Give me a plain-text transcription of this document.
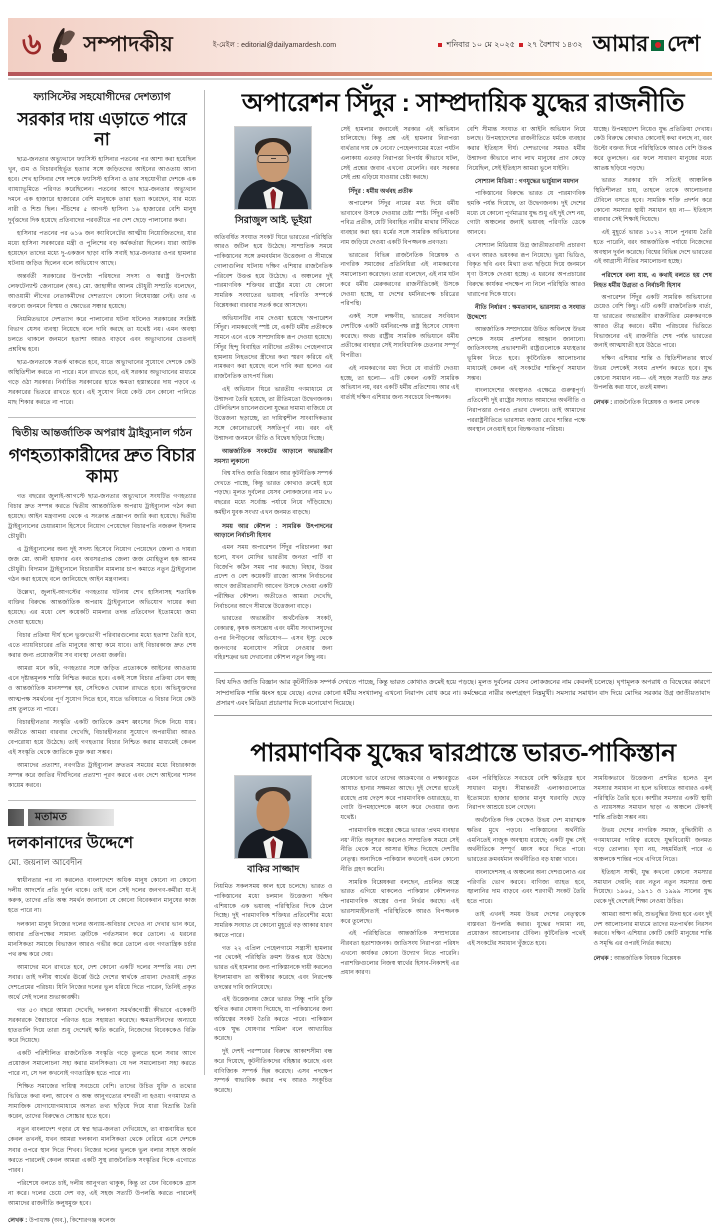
৬ সম্পাদকীয়	ই-মেইল : editorial@dailyamardesh.com	শনিবার ১০ মে ২০২৫ ২৭ বৈশাখ ১৪৩২ আমার দেশ
ফ্যাসিস্টের সহযোগীদের দেশত্যাগ
সরকার দায় এড়াতে পারে না

ছাত্র-জনতার অভ্যুত্থানে ফ্যাসিস্ট হাসিনার পতনের পর আশা করা হয়েছিল খুন, গুম ও বিচারবহির্ভূত হত্যার সঙ্গে জড়িতদের আইনের আওতায় আনা হবে। শেখ হাসিনার শেষ দশকে ফ্যাসিস্ট হাসিনা ও তার সহযোগীরা দেশকে এক ব্যাধ্যাভূমিতে পরিণত করেছিলেন। পতনের আগে ছাত্র-জনতার অভ্যুত্থান দমনে এক হাজারে হাজারের বেশি মানুষকে তারা হত্যা করেছেন, যার মধ্যে নারী ও শিশু ছিল। পঁচিশের ৫ আগস্ট হাসিনা ১৬ হাজারের বেশি মানুষ দুর্বৃত্তদের দিক হয়েছে প্রতিবাদের পরবর্তীতে পর দেশ ছেড়ে পালানোর কথা।

হাসিনার পতনের পর ৬১৬ জন ক্যাবিনেটের আত্মীয় নিয়োজিতদের, যার মধ্যে হাসিনা সরকারের মন্ত্রী ও পুলিশের বড় কর্মকর্তারা ছিলেন। যারা আটক হয়েছেন তাদের মধ্যে দু-একজন ছাড়া বাকি সবাই ছাত্র-জনতার ওপর হামলার ঘটনায় জড়িত ছিলেন বলে অভিযোগ আছে।

অন্তর্বর্তী সরকারের উপদেষ্টা পরিষদের সদস্য ও স্বরাষ্ট্র উপদেষ্টা লেফটেন্যান্ট জেনারেল (অব.) মো. জাহাঙ্গীর আলম চৌধুরী সম্প্রতি বলেছেন, আওয়ামী লীগের নেতাকর্মীদের দেশত্যাগে কোনো নিষেধাজ্ঞা নেই। তার এ বক্তব্যে জনমনে বিস্ময় ও ক্ষোভের সঞ্চার হয়েছে।

নিয়মিতভাবে দেশত্যাগ করে পালানোর ঘটনা ঘটলেও সরকারের সংশ্লিষ্ট বিভাগ যেসব ব্যবস্থা নিয়েছে বলে দাবি করছে তা যথেষ্ট নয়। এমন অবস্থা চলতে থাকলে জনমনে হতাশা আরও বাড়বে এবং অভ্যুত্থানের চেতনাই প্রশ্নবিদ্ধ হবে।

ছাত্র-জনতাকে সতর্ক থাকতে হবে, যাতে অভ্যুত্থানের সুযোগে দেশকে কেউ অস্থিতিশীল করতে না পারে। মনে রাখতে হবে, এই সরকার অভ্যুত্থানের মাধ্যমে গড়ে ওঠা সরকার। নির্বাচিত সরকারের হাতে ক্ষমতা হস্তান্তরের দায় পড়বে এ সরকারের ভিতরে রাখতে হবে। এই সুযোগ নিয়ে কেউ যেন কোনো পানিতে মাছ শিকার করতে না পারে।

দ্বিতীয় আন্তর্জাতিক অপরাধ ট্রাইব্যুনাল গঠন
গণহত্যাকারীদের দ্রুত বিচার কাম্য

গত বছরের জুলাই-আগস্টে ছাত্র-জনতার অভ্যুত্থানে সংঘটিত গণহত্যার বিচার দ্রুত সম্পন্ন করতে দ্বিতীয় আন্তর্জাতিক অপরাধ ট্রাইব্যুনাল গঠন করা হয়েছে। আইন মন্ত্রণালয় থেকে এ সংক্রান্ত প্রজ্ঞাপন জারি করা হয়েছে। দ্বিতীয় ট্রাইব্যুনালের চেয়ারম্যান হিসেবে নিয়োগ পেয়েছেন বিচারপতি নজরুল ইসলাম চৌধুরী।

এ ট্রাইব্যুনালের অন্য দুই সদস্য হিসেবে নিয়োগ পেয়েছেন জেলা ও দায়রা জজ মো. আলী হায়দার এবং অবসরপ্রাপ্ত জেলা জজ মোহিতুল হক আনম চৌধুরী। বিদ্যমান ট্রাইব্যুনালে বিচারাধীন মামলার চাপ কমাতে নতুন ট্রাইব্যুনাল গঠন করা হয়েছে বলে জানিয়েছে আইন মন্ত্রণালয়।

উল্লেখ্য, জুলাই-আগস্টের গণহত্যার ঘটনায় শেখ হাসিনাসহ শতাধিক ব্যক্তির বিরুদ্ধে আন্তর্জাতিক অপরাধ ট্রাইব্যুনালে অভিযোগ দায়ের করা হয়েছে। এর মধ্যে বেশ কয়েকটি মামলার তদন্ত প্রতিবেদন ইতোমধ্যে জমা দেওয়া হয়েছে।

বিচার প্রক্রিয়া দীর্ঘ হলে ভুক্তভোগী পরিবারগুলোর মধ্যে হতাশা তৈরি হবে, এতে ন্যায়বিচারের প্রতি মানুষের আস্থা কমে যাবে। তাই বিচারকাজ দ্রুত শেষ করার জন্য প্রয়োজনীয় সব ব্যবস্থা নেওয়া জরুরি।

আমরা মনে করি, গণহত্যার সঙ্গে জড়িত প্রত্যেককে আইনের আওতায় এনে দৃষ্টান্তমূলক শাস্তি নিশ্চিত করতে হবে। একই সঙ্গে বিচার প্রক্রিয়া যেন স্বচ্ছ ও আন্তর্জাতিক মানসম্পন্ন হয়, সেদিকেও খেয়াল রাখতে হবে। অভিযুক্তদের আত্মপক্ষ সমর্থনের পূর্ণ সুযোগ দিতে হবে, যাতে ভবিষ্যতে এ বিচার নিয়ে কেউ প্রশ্ন তুলতে না পারে।

বিচারহীনতার সংস্কৃতি একটি জাতিকে ক্রমশ ধ্বংসের দিকে নিয়ে যায়। অতীতে আমরা বারবার দেখেছি, বিচারহীনতার সুযোগে অপরাধীরা আরও বেপরোয়া হয়ে উঠেছে। তাই গণহত্যার বিচার নিশ্চিত করার মাধ্যমেই কেবল এই সংস্কৃতি থেকে জাতিকে মুক্ত করা সম্ভব।

আমাদের প্রত্যাশা, নবগঠিত ট্রাইব্যুনাল দ্রুততম সময়ের মধ্যে বিচারকাজ সম্পন্ন করে জাতির দীর্ঘদিনের প্রত্যাশা পূরণ করবে এবং দেশে আইনের শাসন কায়েম করবে।

মতামত
দলকানাদের উদ্দেশে
মো. জয়নাল আবেদীন

স্বাধীনতার পর না করলেও বাংলাদেশে অধিক মানুষ কোনো না কোনো দলীয় আদর্শের প্রতি দুর্বল থাকে। তাই বলে সেই দলের জনগণ-কর্মীরা যা-ই করুক, তাদের প্রতি অন্ধ সমর্থন জানানো যে কোনো বিবেকবান মানুষের কাজ হতে পারে না।

দলকানা মানুষ নিজের দলের অন্যায়-অবিচার দেখেও না দেখার ভান করে, আবার প্রতিপক্ষের সামান্য ত্রুটিকে পর্বতসমান করে তোলে। এ ধরনের মানসিকতা সমাজে বিভাজন আরও গভীর করে তোলে এবং গণতান্ত্রিক চর্চার পথ রুদ্ধ করে দেয়।

আমাদের মনে রাখতে হবে, দেশ কোনো একটি দলের সম্পত্তি নয়। দেশ সবার। তাই দলীয় স্বার্থের ঊর্ধ্বে উঠে দেশের স্বার্থকে প্রাধান্য দেওয়াই প্রকৃত দেশপ্রেমের পরিচয়। যিনি নিজের দলের ভুল ধরিয়ে দিতে পারেন, তিনিই প্রকৃত অর্থে সেই দলের শুভাকাঙ্ক্ষী।

গত ৫৩ বছরে আমরা দেখেছি, দলকানা সমর্থকগোষ্ঠী কীভাবে একেকটি সরকারকে স্বৈরাচারে পরিণত হতে সহায়তা করেছে। ক্ষমতাসীনদের অন্যায়ে হাততালি দিয়ে তারা শুধু দেশেরই ক্ষতি করেনি, নিজেদের বিবেককেও বিক্রি করে দিয়েছে।

একটি পরিশীলিত রাজনৈতিক সংস্কৃতি গড়ে তুলতে হলে সবার আগে প্রয়োজন সমালোচনা সহ্য করার মানসিকতা। যে দল সমালোচনা সহ্য করতে পারে না, সে দল কখনোই গণতান্ত্রিক হতে পারে না।

শিক্ষিত সমাজের দায়িত্ব সবচেয়ে বেশি। তাদের উচিত যুক্তি ও তথ্যের ভিত্তিতে কথা বলা, আবেগ ও অন্ধ আনুগত্যের বশবর্তী না হওয়া। গণমাধ্যম ও সামাজিক যোগাযোগমাধ্যমে অসত্য তথ্য ছড়িয়ে দিয়ে যারা বিভ্রান্তি তৈরি করেন, তাদের বিরুদ্ধেও সোচ্চার হতে হবে।

নতুন বাংলাদেশ গড়ার যে স্বপ্ন ছাত্র-জনতা দেখিয়েছে, তা বাস্তবায়িত হবে কেবল তখনই, যখন আমরা দলকানা মানসিকতা থেকে বেরিয়ে এসে দেশকে সবার ওপরে স্থান দিতে শিখব। নিজের দলের ভুলকে ভুল বলার সাহস অর্জন করতে পারলেই কেবল আমরা একটি সুস্থ রাজনৈতিক সংস্কৃতির দিকে এগোতে পারব।

পরিশেষে বলতে চাই, দলীয় আনুগত্য থাকুক, কিন্তু তা যেন বিবেককে গ্রাস না করে। দলের চেয়ে দেশ বড়, এই সহজ সত্যটি উপলব্ধি করতে পারলেই আমাদের রাজনীতি কলুষমুক্ত হবে।

লেখক : উপাধ্যক্ষ (অব.), কিশোরগঞ্জ কলেজ
অপারেশন সিঁদুর : সাম্প্রদায়িক যুদ্ধের রাজনীতি
সিরাজুল আই. ভূইয়া

অতিবর্ষিত সংঘাত সংকট ঘিরে ভারতের পরিস্থিতি আরও জটিল হয়ে উঠেছে। সাম্প্রতিক সময়ে পাকিস্তানের সঙ্গে ক্রমবর্ধমান উত্তেজনা ও সীমান্তে গোলাগুলির ঘটনায় দক্ষিণ এশিয়ার রাজনৈতিক পরিবেশ উত্তপ্ত হয়ে উঠেছে। এ অঞ্চলের দুই পারমাণবিক শক্তিধর রাষ্ট্রের মধ্যে যে কোনো সামরিক সংঘাতের ভয়াবহ পরিণতি সম্পর্কে বিশ্লেষকরা বারবার সতর্ক করে আসছেন।

অভিযানটির নাম দেওয়া হয়েছে 'অপারেশন সিঁদুর'। নামকরণেই স্পষ্ট যে, একটি ধর্মীয় প্রতীককে সামনে এনে একে সাম্প্রদায়িক রূপ দেওয়া হয়েছে। সিঁদুর হিন্দু বিবাহিত নারীদের প্রতীক। পেহেলগামে হামলায় নিহতদের স্ত্রীদের কথা স্মরণ করিয়ে এই নামকরণ করা হয়েছে বলে দাবি করা হলেও এর রাজনৈতিক তাৎপর্য ভিন্ন।

এই অভিযান ঘিরে ভারতীয় গণমাধ্যমে যে উন্মাদনা তৈরি হয়েছে, তা রীতিমতো উদ্বেগজনক। টেলিভিশন চ্যানেলগুলো যুদ্ধের দামামা বাজিয়ে যে উত্তেজনা ছড়াচ্ছে, তা দায়িত্বশীল সাংবাদিকতার সঙ্গে কোনোভাবেই সঙ্গতিপূর্ণ নয়। বরং এই উন্মাদনা জনমনে ভীতি ও বিদ্বেষ ছড়িয়ে দিচ্ছে।

আন্তর্জাতিক সংকটের আড়ালে অভ্যন্তরীণ সমস্যা লুকানো

বিশ্ব যদিও জাতি বিজ্ঞান আর কূটনীতিক সম্পর্ক দেখতে পাচ্ছে, কিন্তু ভারত কোথাও ক্রমেই হয়ে পড়ছে। মূলত দুর্বলের যেসব লোকজনের নাম ৮০ বছরের মধ্যে সর্বোচ্চ পর্যায়ে নিয়ে দাঁড়িয়েছে। কর্মহীন যুবক সংখ্যা এখন জনমত বাড়ছে।

সময় আর কৌশল : সামরিক উৎপাদনের আড়ালে নির্বাচনী হিসাব

এমন সময় অপারেশন সিঁদুর পরিচালনা করা হলো, যখন মোদির ভারতীয় জনতা পার্টি বা বিজেপি কঠিন সময় পার করছে। বিহার, উত্তর প্রদেশ ও বেশ কয়েকটি রাজ্যে আসন্ন নির্বাচনের আগে জাতীয়তাবাদী আবেগ উসকে দেওয়া একটি পরীক্ষিত কৌশল। অতীতেও আমরা দেখেছি, নির্বাচনের আগে সীমান্তে উত্তেজনা বাড়ে।

ভারতের অভ্যন্তরীণ অর্থনৈতিক সংকট, বেকারত্ব, কৃষক অসন্তোষ এবং ধর্মীয় সংখ্যালঘুদের ওপর নিপীড়নের অভিযোগ— এসব ইস্যু থেকে জনগণের মনোযোগ সরিয়ে নেওয়ার জন্য বহিঃশত্রুর ভয় দেখানোর কৌশল নতুন কিছু নয়।

সেই হামলার জবাবেই সরকার এই অভিযান চালিয়েছে। কিন্তু প্রশ্ন এই হামলার নিরাপত্তা ব্যর্থতার দায় কে নেবে? পেহেলগামের মতো পর্যটন এলাকায় এতবড় নিরাপত্তা বিপর্যয় কীভাবে ঘটল, সেই প্রশ্নের জবাব এখনো মেলেনি। বরং সরকার সেই প্রশ্ন এড়িয়ে যাওয়ার চেষ্টা করছে।

সিঁদুর : ধর্মীয় অর্থবহ প্রতীক

অপারেশন সিঁদুর নামের মধ্য দিয়ে ধর্মীয় ভাবাবেগ উসকে দেওয়ার চেষ্টা স্পষ্ট। সিঁদুর একটি পবিত্র প্রতীক, যেটি বিবাহিত নারীর মাথার সিঁথিতে ব্যবহার করা হয়। ধর্মের সঙ্গে সামরিক অভিযানের নাম জড়িয়ে দেওয়া একটি বিপজ্জনক প্রবণতা।

ভারতের বিভিন্ন রাজনৈতিক বিশ্লেষক ও নাগরিক সমাজের প্রতিনিধিরা এই নামকরণের সমালোচনা করেছেন। তারা বলেছেন, এই নাম ঘটন করে ধর্মীয় মেরুকরণের রাজনীতিকেই উসকে দেওয়া হচ্ছে, যা দেশের ধর্মনিরপেক্ষ চরিত্রের পরিপন্থি।

একই সঙ্গে লক্ষণীয়, ভারতের সংবিধান দেশটিকে একটি ধর্মনিরপেক্ষ রাষ্ট্র হিসেবে ঘোষণা করেছে। অথচ রাষ্ট্রীয় সামরিক অভিযানে ধর্মীয় প্রতীকের ব্যবহার সেই সাংবিধানিক চেতনার সম্পূর্ণ বিপরীত।

এই নামকরণের মধ্য দিয়ে যে বার্তাটি দেওয়া হচ্ছে, তা হলো— এটি কেবল একটি সামরিক অভিযান নয়, বরং একটি ধর্মীয় প্রতিশোধ। আর এই বার্তাই দক্ষিণ এশিয়ার জন্য সবচেয়ে বিপজ্জনক।

বেশি সীমান্ত সংঘাত বা আইনি অভিযান নিয়ে চলছে। উপমহাদেশের রাজনীতিতে ধর্মকে ব্যবহার করার ইতিহাস দীর্ঘ। দেশভাগের সময়ও ধর্মীয় উন্মাদনা কীভাবে লাখ লাখ মানুষের প্রাণ কেড়ে নিয়েছিল, সেই ইতিহাস আমরা ভুলে যাইনি।

সোশ্যাল মিডিয়া : গণযুদ্ধের ভার্চুয়াল ময়দান

পাকিস্তানের বিরুদ্ধে ভারত যে পারমাণবিক হুমকি পর্যন্ত দিয়েছে, তা উদ্বেগজনক। দুই দেশের মধ্যে যে কোনো পূর্ণমাত্রার যুদ্ধ শুধু এই দুই দেশ নয়, গোটা অঞ্চলের জন্যই ভয়াবহ পরিণতি ডেকে আনবে।

সোশ্যাল মিডিয়ায় উগ্র জাতীয়তাবাদী প্রচারণা এখন আরও ভয়ংকর রূপ নিয়েছে। ভুয়া ভিডিও, বিকৃত ছবি এবং মিথ্যা তথ্য ছড়িয়ে দিয়ে জনমনে ঘৃণা উসকে দেওয়া হচ্ছে। এ ধরনের অপপ্রচারের বিরুদ্ধে কার্যকর পদক্ষেপ না নিলে পরিস্থিতি আরও খারাপের দিকে যাবে।

নীতি নির্ধারণ : ক্ষমতাবান, ভারসাম্য ও সংঘাত উদ্দেশ্যে

আন্তর্জাতিক সম্প্রদায়ের উচিত অবিলম্বে উভয় দেশকে সংযম প্রদর্শনের আহ্বান জানানো। জাতিসংঘসহ প্রভাবশালী রাষ্ট্রগুলোকে মধ্যস্থতার ভূমিকা নিতে হবে। কূটনৈতিক আলোচনার মাধ্যমেই কেবল এই সংকটের শান্তিপূর্ণ সমাধান সম্ভব।

বাংলাদেশের অবস্থানও এক্ষেত্রে গুরুত্বপূর্ণ। প্রতিবেশী দুই রাষ্ট্রের সংঘাত আমাদের অর্থনীতি ও নিরাপত্তার ওপরও প্রভাব ফেলবে। তাই আমাদের পররাষ্ট্রনীতিতে ভারসাম্য বজায় রেখে শান্তির পক্ষে অবস্থান নেওয়াই হবে বিচক্ষণতার পরিচয়।

যাচ্ছে। উপমহাদেশ নিয়েও যুদ্ধ প্রতিক্রিয়া দেখায়। কেউ বিরুদ্ধে কোথাও কোনোই কথা বলছে না, বরং উল্টো বক্তব্য দিয়ে পরিস্থিতিকে আরও বেশি উত্তপ্ত করে তুলছেন। এর ফলে সাধারণ মানুষের মধ্যে আতঙ্ক ছড়িয়ে পড়ছে।

ভারত সরকার যদি সত্যিই আঞ্চলিক স্থিতিশীলতা চায়, তাহলে তাকে আলোচনার টেবিলে বসতে হবে। সামরিক শক্তি প্রদর্শন করে কোনো সমস্যার স্থায়ী সমাধান হয় না— ইতিহাস বারবার সেই শিক্ষাই দিয়েছে।

এই মুহূর্তে ভারত ১০১২ সালে পুনরায় তৈরি হতে পারেনি, বরং আন্তর্জাতিক পর্যায়ে নিজেদের অবস্থান দুর্বল করেছে। বিশ্বের বিভিন্ন দেশে ভারতের এই আগ্রাসী নীতির সমালোচনা হচ্ছে।

পরিশেষে বলা যায়, এ কথাই বলতে হয় শেষ নিহত ধর্মীয় উগ্রতা ও নির্বাচনী হিসাব

অপারেশন সিঁদুর একটি সামরিক অভিযানের চেয়েও বেশি কিছু। এটি একটি রাজনৈতিক বার্তা, যা ভারতের অভ্যন্তরীণ রাজনীতির মেরুকরণকে আরও তীব্র করবে। ধর্মীয় পরিচয়ের ভিত্তিতে বিভাজনের এই রাজনীতি শেষ পর্যন্ত ভারতের জন্যই আত্মঘাতী হয়ে উঠতে পারে।

দক্ষিণ এশিয়ার শান্তি ও স্থিতিশীলতার স্বার্থে উভয় দেশকেই সংযম প্রদর্শন করতে হবে। যুদ্ধ কোনো সমাধান নয়— এই সহজ সত্যটি যত দ্রুত উপলব্ধি করা যাবে, ততই মঙ্গল।

লেখক : রাজনৈতিক বিশ্লেষক ও কলাম লেখক

বিশ্ব যদিও জাতি বিজ্ঞান আর কূটনীতিক সম্পর্ক দেখতে পাচ্ছে, কিন্তু ভারত কোথাও ক্রমেই হয়ে পড়ছে। মূলত দুর্বলের যেসব লোকজনের নাম কেবলই চলেছে। ঘৃণামূলক অপরাধ ও বিদ্বেষের কারণে সাম্প্রদায়িক শান্তি ধ্বংস হয়ে যেছে। এদের কোনো ধর্মীয় সংখ্যালঘু এখনো নিরাপদ বোধ করে না। কর্মক্ষেত্রে নারীর অংশগ্রহণ নিম্নমুখী। সমস্যার সমাধান বাদ দিয়ে মোদির সরকার উগ্র জাতীয়তাবাদ প্রসারণ এবং মিডিয়া প্রচারণার দিকে মনোযোগ দিয়েছে।

পারমাণবিক যুদ্ধের দ্বারপ্রান্তে ভারত-পাকিস্তান
বাকির সাজ্জাদ

নিয়মিত সকলসময় কাল হয়ে চলেছে। ভারত ও পাকিস্তানের মধ্যে চলমান উত্তেজনা দক্ষিণ এশিয়াকে এক ভয়াবহ পরিস্থিতির দিকে ঠেলে দিচ্ছে। দুই পারমাণবিক শক্তিধর প্রতিবেশীর মধ্যে সামরিক সংঘাত যে কোনো মুহূর্তে বড় আকার ধারণ করতে পারে।

গত ২২ এপ্রিল পেহেলগামে সন্ত্রাসী হামলার পর থেকেই পরিস্থিতি ক্রমশ উত্তপ্ত হয়ে উঠছে। ভারত এই হামলার জন্য পাকিস্তানকে দায়ী করলেও ইসলামাবাদ তা অস্বীকার করেছে এবং নিরপেক্ষ তদন্তের দাবি জানিয়েছে।

এই উত্তেজনার জেরে ভারত সিন্ধু পানি চুক্তি স্থগিত করার ঘোষণা দিয়েছে, যা পাকিস্তানের জন্য অস্তিত্বের সংকট তৈরি করতে পারে। পাকিস্তান একে 'যুদ্ধ ঘোষণার শামিল' বলে আখ্যায়িত করেছে।

দুই দেশই পরস্পরের বিরুদ্ধে আকাশসীমা বন্ধ করে দিয়েছে, কূটনীতিকদের বহিষ্কার করেছে এবং বাণিজ্যিক সম্পর্ক ছিন্ন করেছে। এসব পদক্ষেপ সম্পর্ক স্বাভাবিক করার পথ আরও সংকুচিত করেছে।

যেকোনো ভাবে তাদের আক্রমণের ও লক্ষ্যবস্তুতে আঘাত হানার সক্ষমতা আছে। দুই দেশের হাতেই রয়েছে প্রায় দেড়শ করে পারমাণবিক ওয়ারহেড, যা গোটা উপমহাদেশকে ধ্বংস করে দেওয়ার জন্য যথেষ্ট।

পারমাণবিক অস্ত্রের ক্ষেত্রে ভারত 'প্রথম ব্যবহার নয়' নীতি অনুসরণ করলেও সাম্প্রতিক সময়ে সেই নীতি থেকে সরে আসার ইঙ্গিত দিয়েছে দেশটির নেতৃত্ব। অন্যদিকে পাকিস্তান কখনোই এমন কোনো নীতি গ্রহণ করেনি।

সামরিক বিশ্লেষকরা বলছেন, প্রচলিত অস্ত্রে ভারত এগিয়ে থাকলেও পাকিস্তান কৌশলগত পারমাণবিক অস্ত্রের ওপর নির্ভর করছে। এই ভারসাম্যহীনতাই পরিস্থিতিকে আরও বিপজ্জনক করে তুলেছে।

এই পরিস্থিতিতে আন্তর্জাতিক সম্প্রদায়ের নীরবতা হতাশাজনক। জাতিসংঘ নিরাপত্তা পরিষদ এখনো কার্যকর কোনো উদ্যোগ নিতে পারেনি। পরাশক্তিগুলোর নিজস্ব স্বার্থের হিসাব-নিকাশই এর প্রধান কারণ।

এমন পরিস্থিতিতে সবচেয়ে বেশি ক্ষতিগ্রস্ত হবে সাধারণ মানুষ। সীমান্তবর্তী এলাকাগুলোতে ইতোমধ্যে হাজার হাজার মানুষ ঘরবাড়ি ছেড়ে নিরাপদ আশ্রয়ে চলে গেছেন।

অর্থনৈতিক দিক থেকেও উভয় দেশ মারাত্মক ক্ষতির মুখে পড়বে। পাকিস্তানের অর্থনীতি এমনিতেই নাজুক অবস্থায় রয়েছে; একটি যুদ্ধ সেই অর্থনীতিকে সম্পূর্ণ ধ্বংস করে দিতে পারে। ভারতের ক্রমবর্ধমান অর্থনীতিও বড় ধাক্কা খাবে।

বাংলাদেশসহ এ অঞ্চলের অন্য দেশগুলোও এর পরিণতি ভোগ করবে। বাণিজ্য ব্যাহত হবে, জ্বালানির দাম বাড়বে এবং শরণার্থী সংকট তৈরি হতে পারে।

তাই এখনই সময় উভয় দেশের নেতৃত্বকে বাস্তবতা উপলব্ধি করার। যুদ্ধের দামামা নয়, প্রয়োজন আলোচনার টেবিল। কূটনৈতিক পথেই এই সংকটের সমাধান খুঁজতে হবে।

সাময়িকভাবে উত্তেজনা প্রশমিত হলেও মূল সমস্যার সমাধান না হলে ভবিষ্যতে আবারও একই পরিস্থিতি তৈরি হবে। কাশ্মীর সমস্যার একটি স্থায়ী ও ন্যায়সঙ্গত সমাধান ছাড়া এ অঞ্চলে টেকসই শান্তি প্রতিষ্ঠা সম্ভব নয়।

উভয় দেশের নাগরিক সমাজ, বুদ্ধিজীবী ও গণমাধ্যমের দায়িত্ব রয়েছে যুদ্ধবিরোধী জনমত গড়ে তোলার। ঘৃণা নয়, সহমর্মিতাই পারে এ অঞ্চলকে শান্তির পথে এগিয়ে নিতে।

ইতিহাস সাক্ষী, যুদ্ধ কখনো কোনো সমস্যার সমাধান দেয়নি; বরং নতুন নতুন সমস্যার জন্ম দিয়েছে। ১৯৬৫, ১৯৭১ ও ১৯৯৯ সালের যুদ্ধ থেকে দুই দেশেরই শিক্ষা নেওয়া উচিত।

আমরা আশা করি, শুভবুদ্ধির উদয় হবে এবং দুই দেশ আলোচনার মাধ্যমে তাদের মতপার্থক্য নিরসন করবে। দক্ষিণ এশিয়ার কোটি কোটি মানুষের শান্তি ও সমৃদ্ধি এর ওপরই নির্ভর করছে।

লেখক : আন্তর্জাতিক বিষয়ক বিশ্লেষক
